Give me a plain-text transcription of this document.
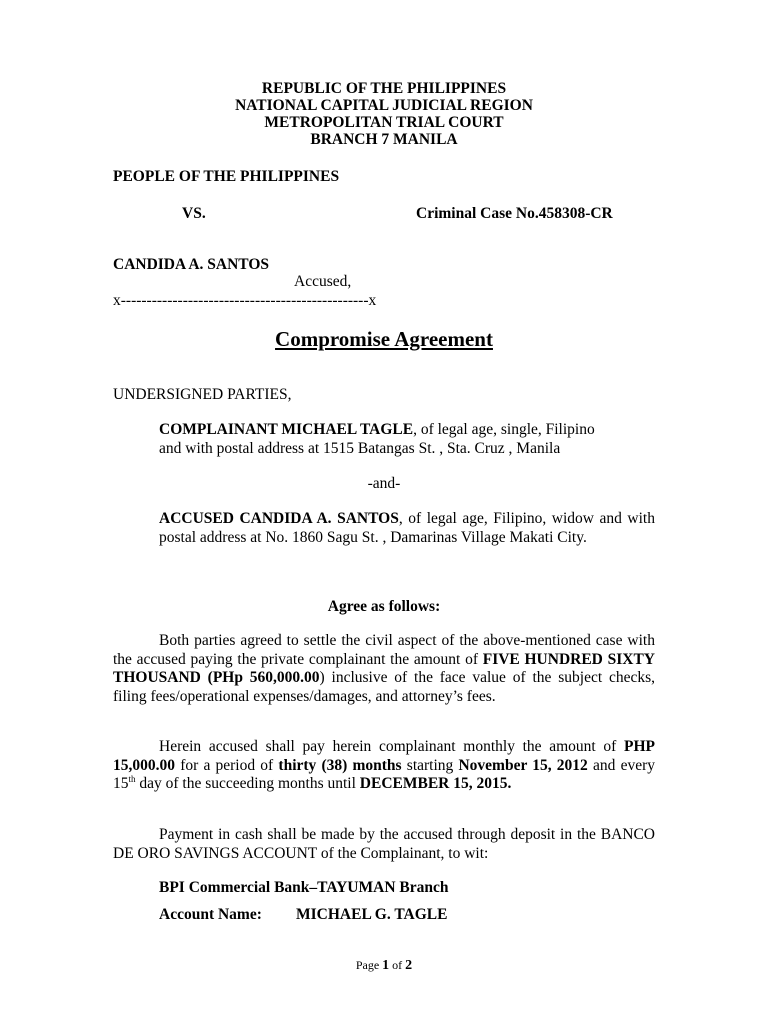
REPUBLIC OF THE PHILIPPINES
NATIONAL CAPITAL JUDICIAL REGION
METROPOLITAN TRIAL COURT
BRANCH 7 MANILA
PEOPLE OF THE PHILIPPINES
VS.	Criminal Case No.458308-CR
CANDIDA A. SANTOS
Accused,
x------------------------------------------------x
Compromise Agreement
UNDERSIGNED PARTIES,
COMPLAINANT MICHAEL TAGLE, of legal age, single, Filipino
and with postal address at 1515 Batangas St. , Sta. Cruz , Manila
-and-
ACCUSED CANDIDA A. SANTOS, of legal age, Filipino, widow and with postal address at No. 1860 Sagu St. , Damarinas Village Makati City.
Agree as follows:
Both parties agreed to settle the civil aspect of the above-mentioned case with the accused paying the private complainant the amount of FIVE HUNDRED SIXTY THOUSAND (PHp 560,000.00) inclusive of the face value of the subject checks, filing fees/operational expenses/damages, and attorney’s fees.
Herein accused shall pay herein complainant monthly the amount of PHP 15,000.00 for a period of thirty (38) months starting November 15, 2012 and every 15th day of the succeeding months until DECEMBER 15, 2015.
Payment in cash shall be made by the accused through deposit in the BANCO DE ORO SAVINGS ACCOUNT of the Complainant, to wit:
BPI Commercial Bank–TAYUMAN Branch
Account Name: MICHAEL G. TAGLE
Page 1 of 2
